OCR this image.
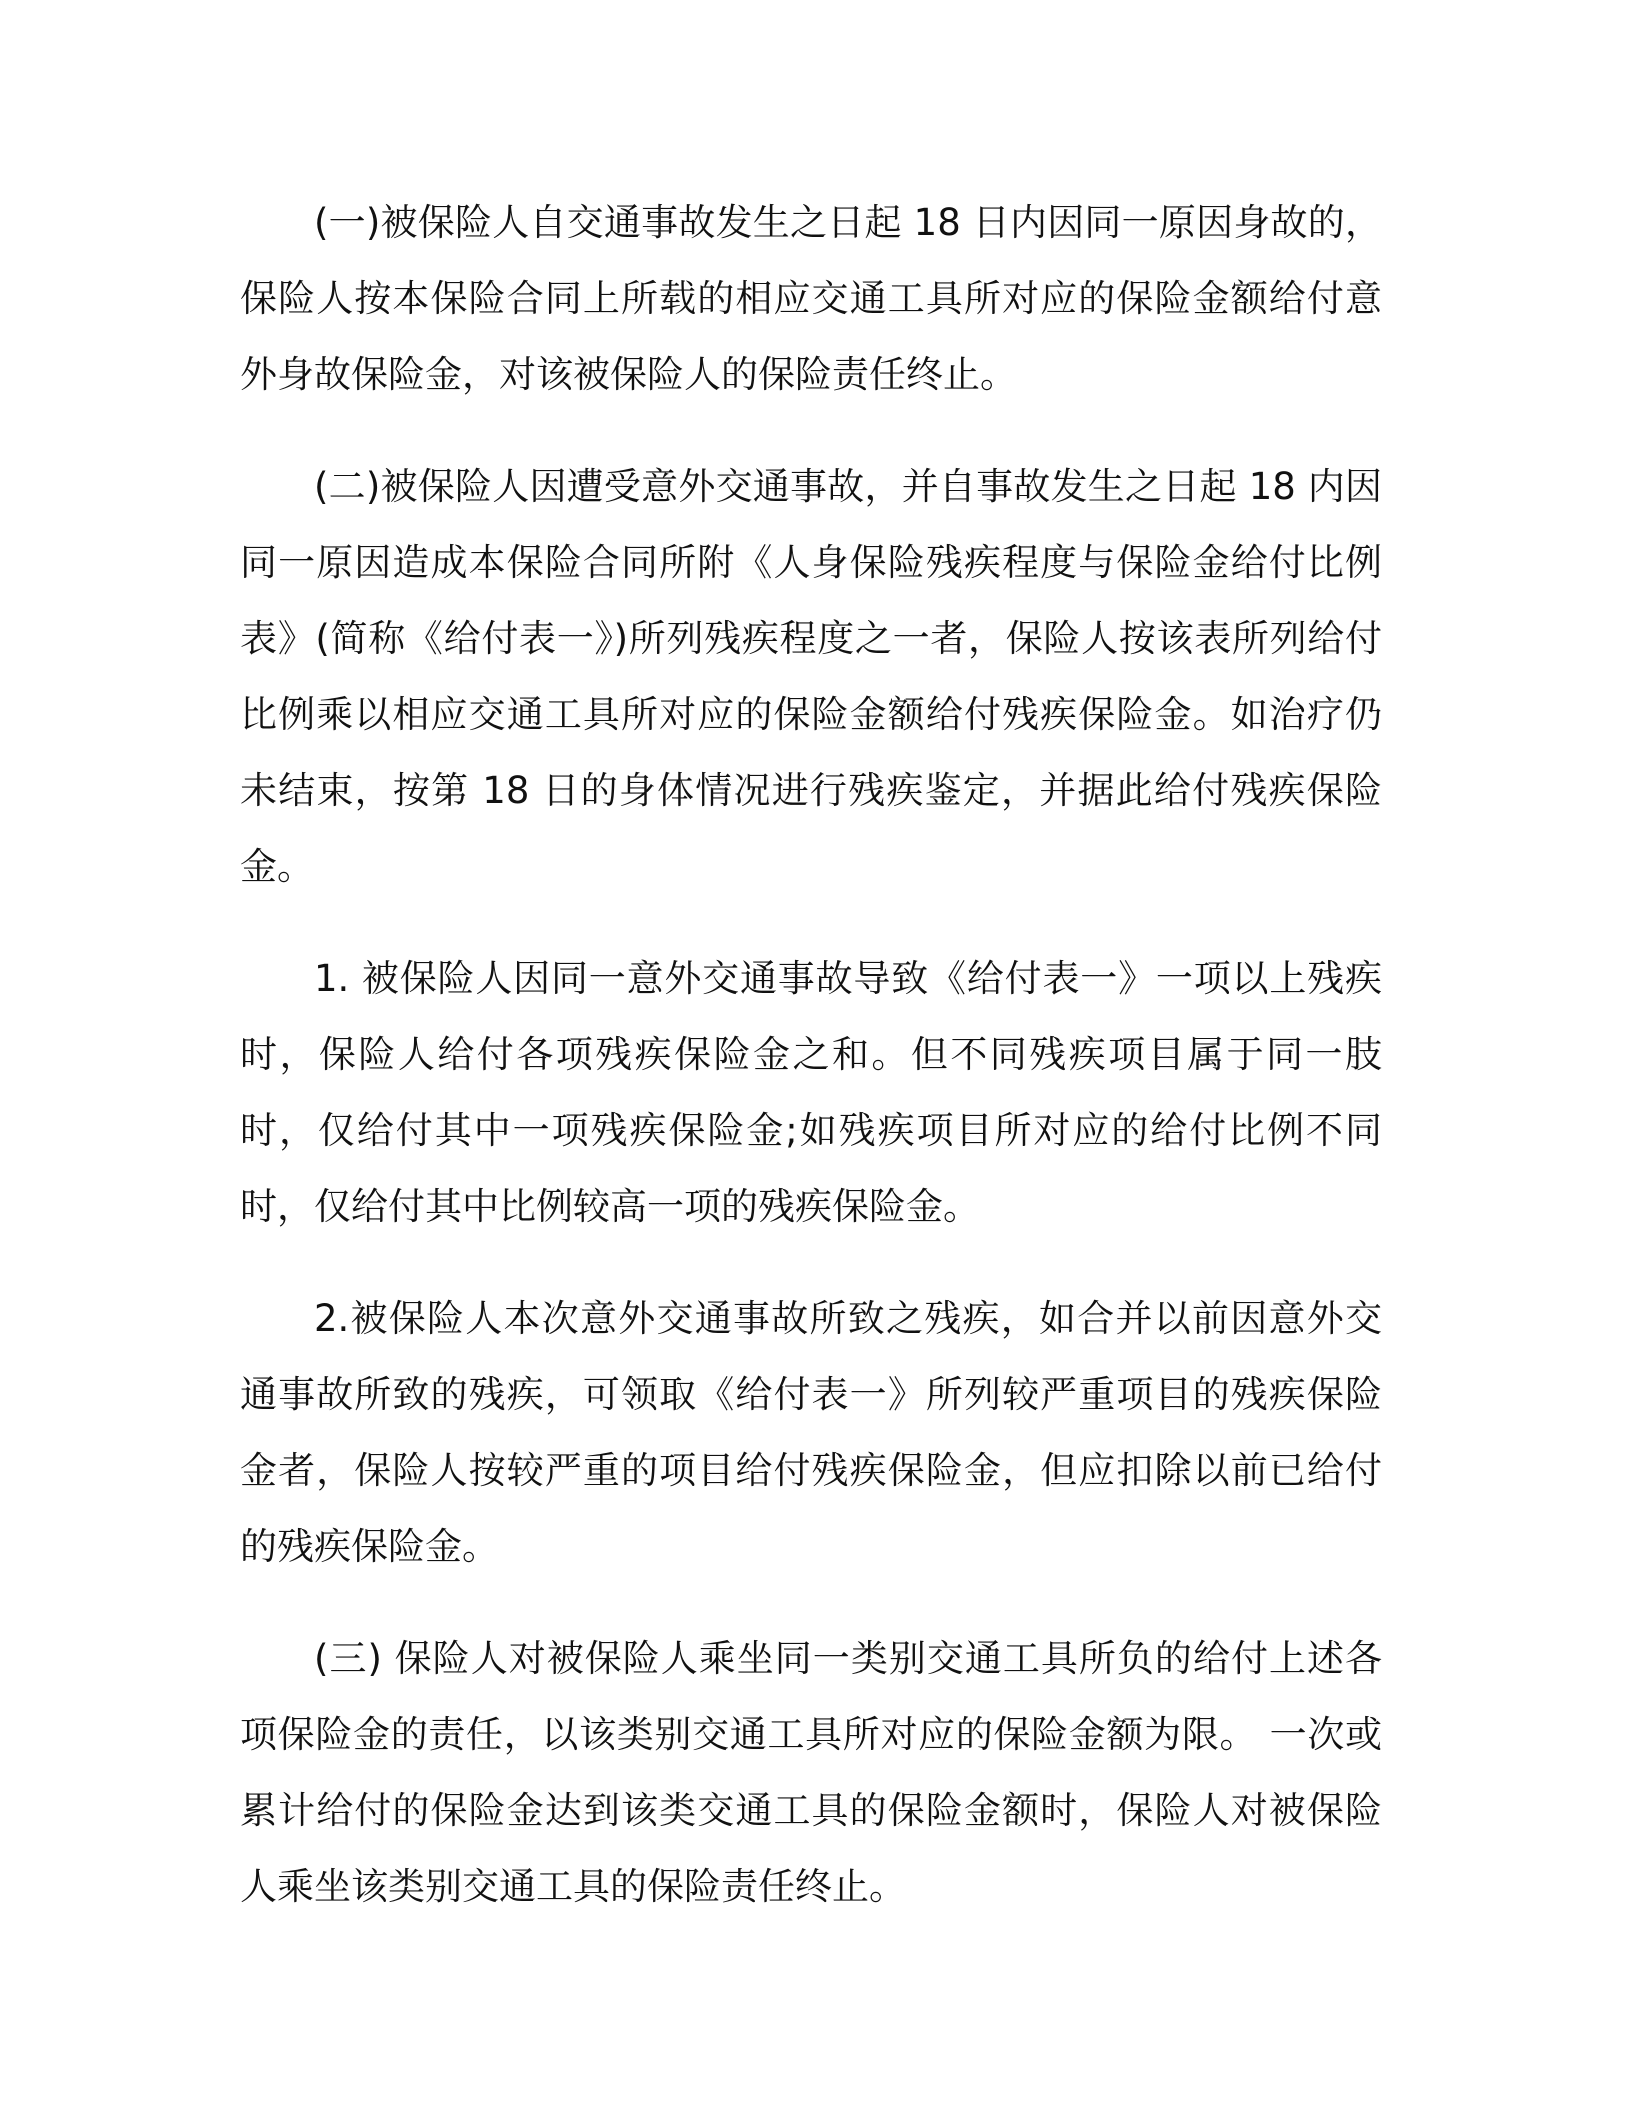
(一)被保险人自交通事故发生之日起 18 日内因同一原因身故的，保险人按本保险合同上所载的相应交通工具所对应的保险金额给付意外身故保险金，对该被保险人的保险责任终止。

(二)被保险人因遭受意外交通事故，并自事故发生之日起 18 内因同一原因造成本保险合同所附《人身保险残疾程度与保险金给付比例表》(简称《给付表一》)所列残疾程度之一者，保险人按该表所列给付比例乘以相应交通工具所对应的保险金额给付残疾保险金。如治疗仍未结束，按第 18 日的身体情况进行残疾鉴定，并据此给付残疾保险金。

1. 被保险人因同一意外交通事故导致《给付表一》一项以上残疾时，保险人给付各项残疾保险金之和。但不同残疾项目属于同一肢时，仅给付其中一项残疾保险金;如残疾项目所对应的给付比例不同时，仅给付其中比例较高一项的残疾保险金。

2.被保险人本次意外交通事故所致之残疾，如合并以前因意外交通事故所致的残疾，可领取《给付表一》所列较严重项目的残疾保险金者，保险人按较严重的项目给付残疾保险金，但应扣除以前已给付的残疾保险金。

(三) 保险人对被保险人乘坐同一类别交通工具所负的给付上述各项保险金的责任，以该类别交通工具所对应的保险金额为限。 一次或累计给付的保险金达到该类交通工具的保险金额时，保险人对被保险人乘坐该类别交通工具的保险责任终止。
